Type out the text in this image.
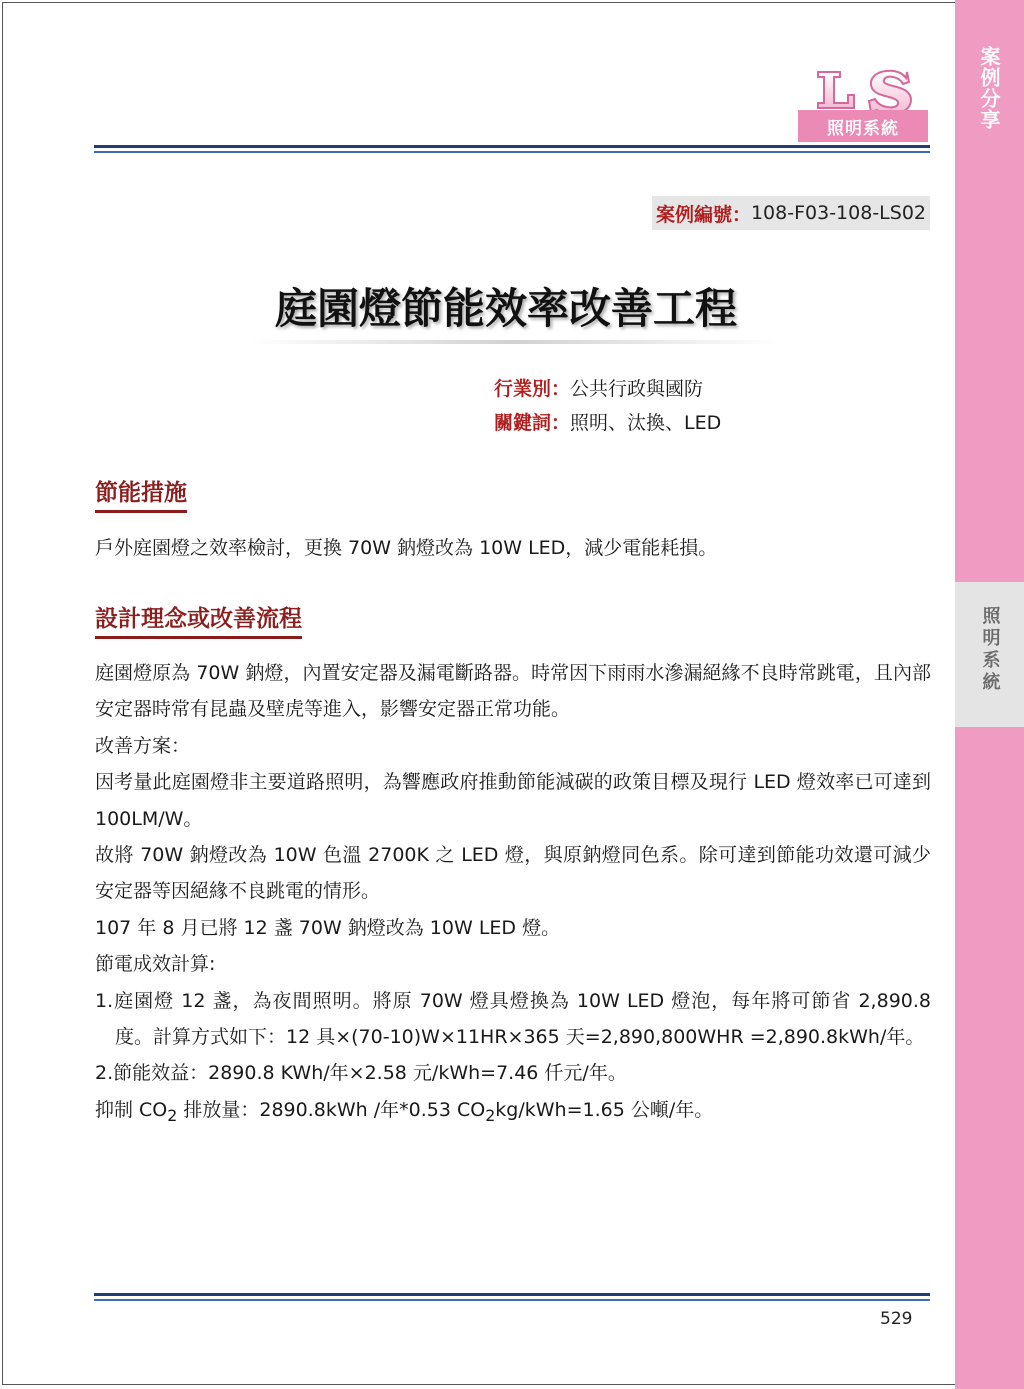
案例分享
照明系統
照明系統
案例編號： 108-F03-108-LS02
庭園燈節能效率改善工程
行業別：公共行政與國防
關鍵詞：照明、汰換、LED
節能措施
戶外庭園燈之效率檢討，更換 70W 鈉燈改為 10W LED，減少電能耗損。
設計理念或改善流程

庭園燈原為 70W 鈉燈，內置安定器及漏電斷路器。時常因下雨雨水滲漏絕緣不良時常跳電，且內部安定器時常有昆蟲及壁虎等進入，影響安定器正常功能。

改善方案：

因考量此庭園燈非主要道路照明，為響應政府推動節能減碳的政策目標及現行 LED 燈效率已可達到 100LM/W。

故將 70W 鈉燈改為 10W 色溫 2700K 之 LED 燈，與原鈉燈同色系。除可達到節能功效還可減少安定器等因絕緣不良跳電的情形。

107 年 8 月已將 12 盞 70W 鈉燈改為 10W LED 燈。

節電成效計算:

1.庭園燈 12 盞，為夜間照明。將原 70W 燈具燈換為 10W LED 燈泡，每年將可節省 2,890.8 度。計算方式如下：12 具×(70-10)W×11HR×365 天=2,890,800WHR =2,890.8kWh/年。

2.節能效益：2890.8 KWh/年×2.58 元/kWh=7.46 仟元/年。

抑制 $CO_2$ 排放量：2890.8kWh /年*0.53 $CO_2kg/kWh=1.65$ 公噸/年。

529
